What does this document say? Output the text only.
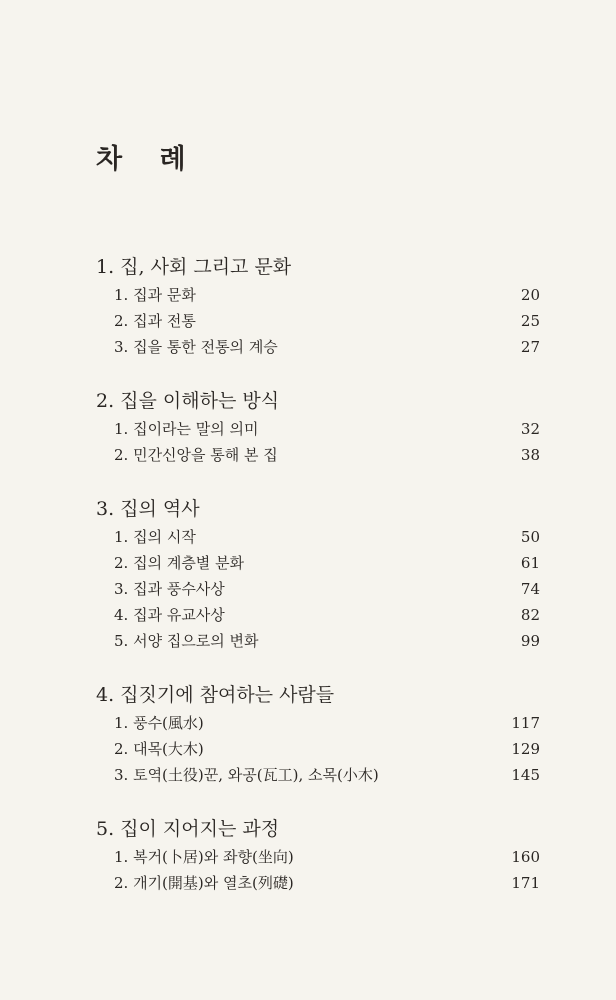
차 례
1. 집, 사회 그리고 문화
1. 집과 문화	20
2. 집과 전통	25
3. 집을 통한 전통의 계승	27
2. 집을 이해하는 방식
1. 집이라는 말의 의미	32
2. 민간신앙을 통해 본 집	38
3. 집의 역사
1. 집의 시작	50
2. 집의 계층별 분화	61
3. 집과 풍수사상	74
4. 집과 유교사상	82
5. 서양 집으로의 변화	99
4. 집짓기에 참여하는 사람들
1. 풍수(風水)	117
2. 대목(大木)	129
3. 토역(土役)꾼, 와공(瓦工), 소목(小木)	145
5. 집이 지어지는 과정
1. 복거(卜居)와 좌향(坐向)	160
2. 개기(開基)와 열초(列礎)	171
